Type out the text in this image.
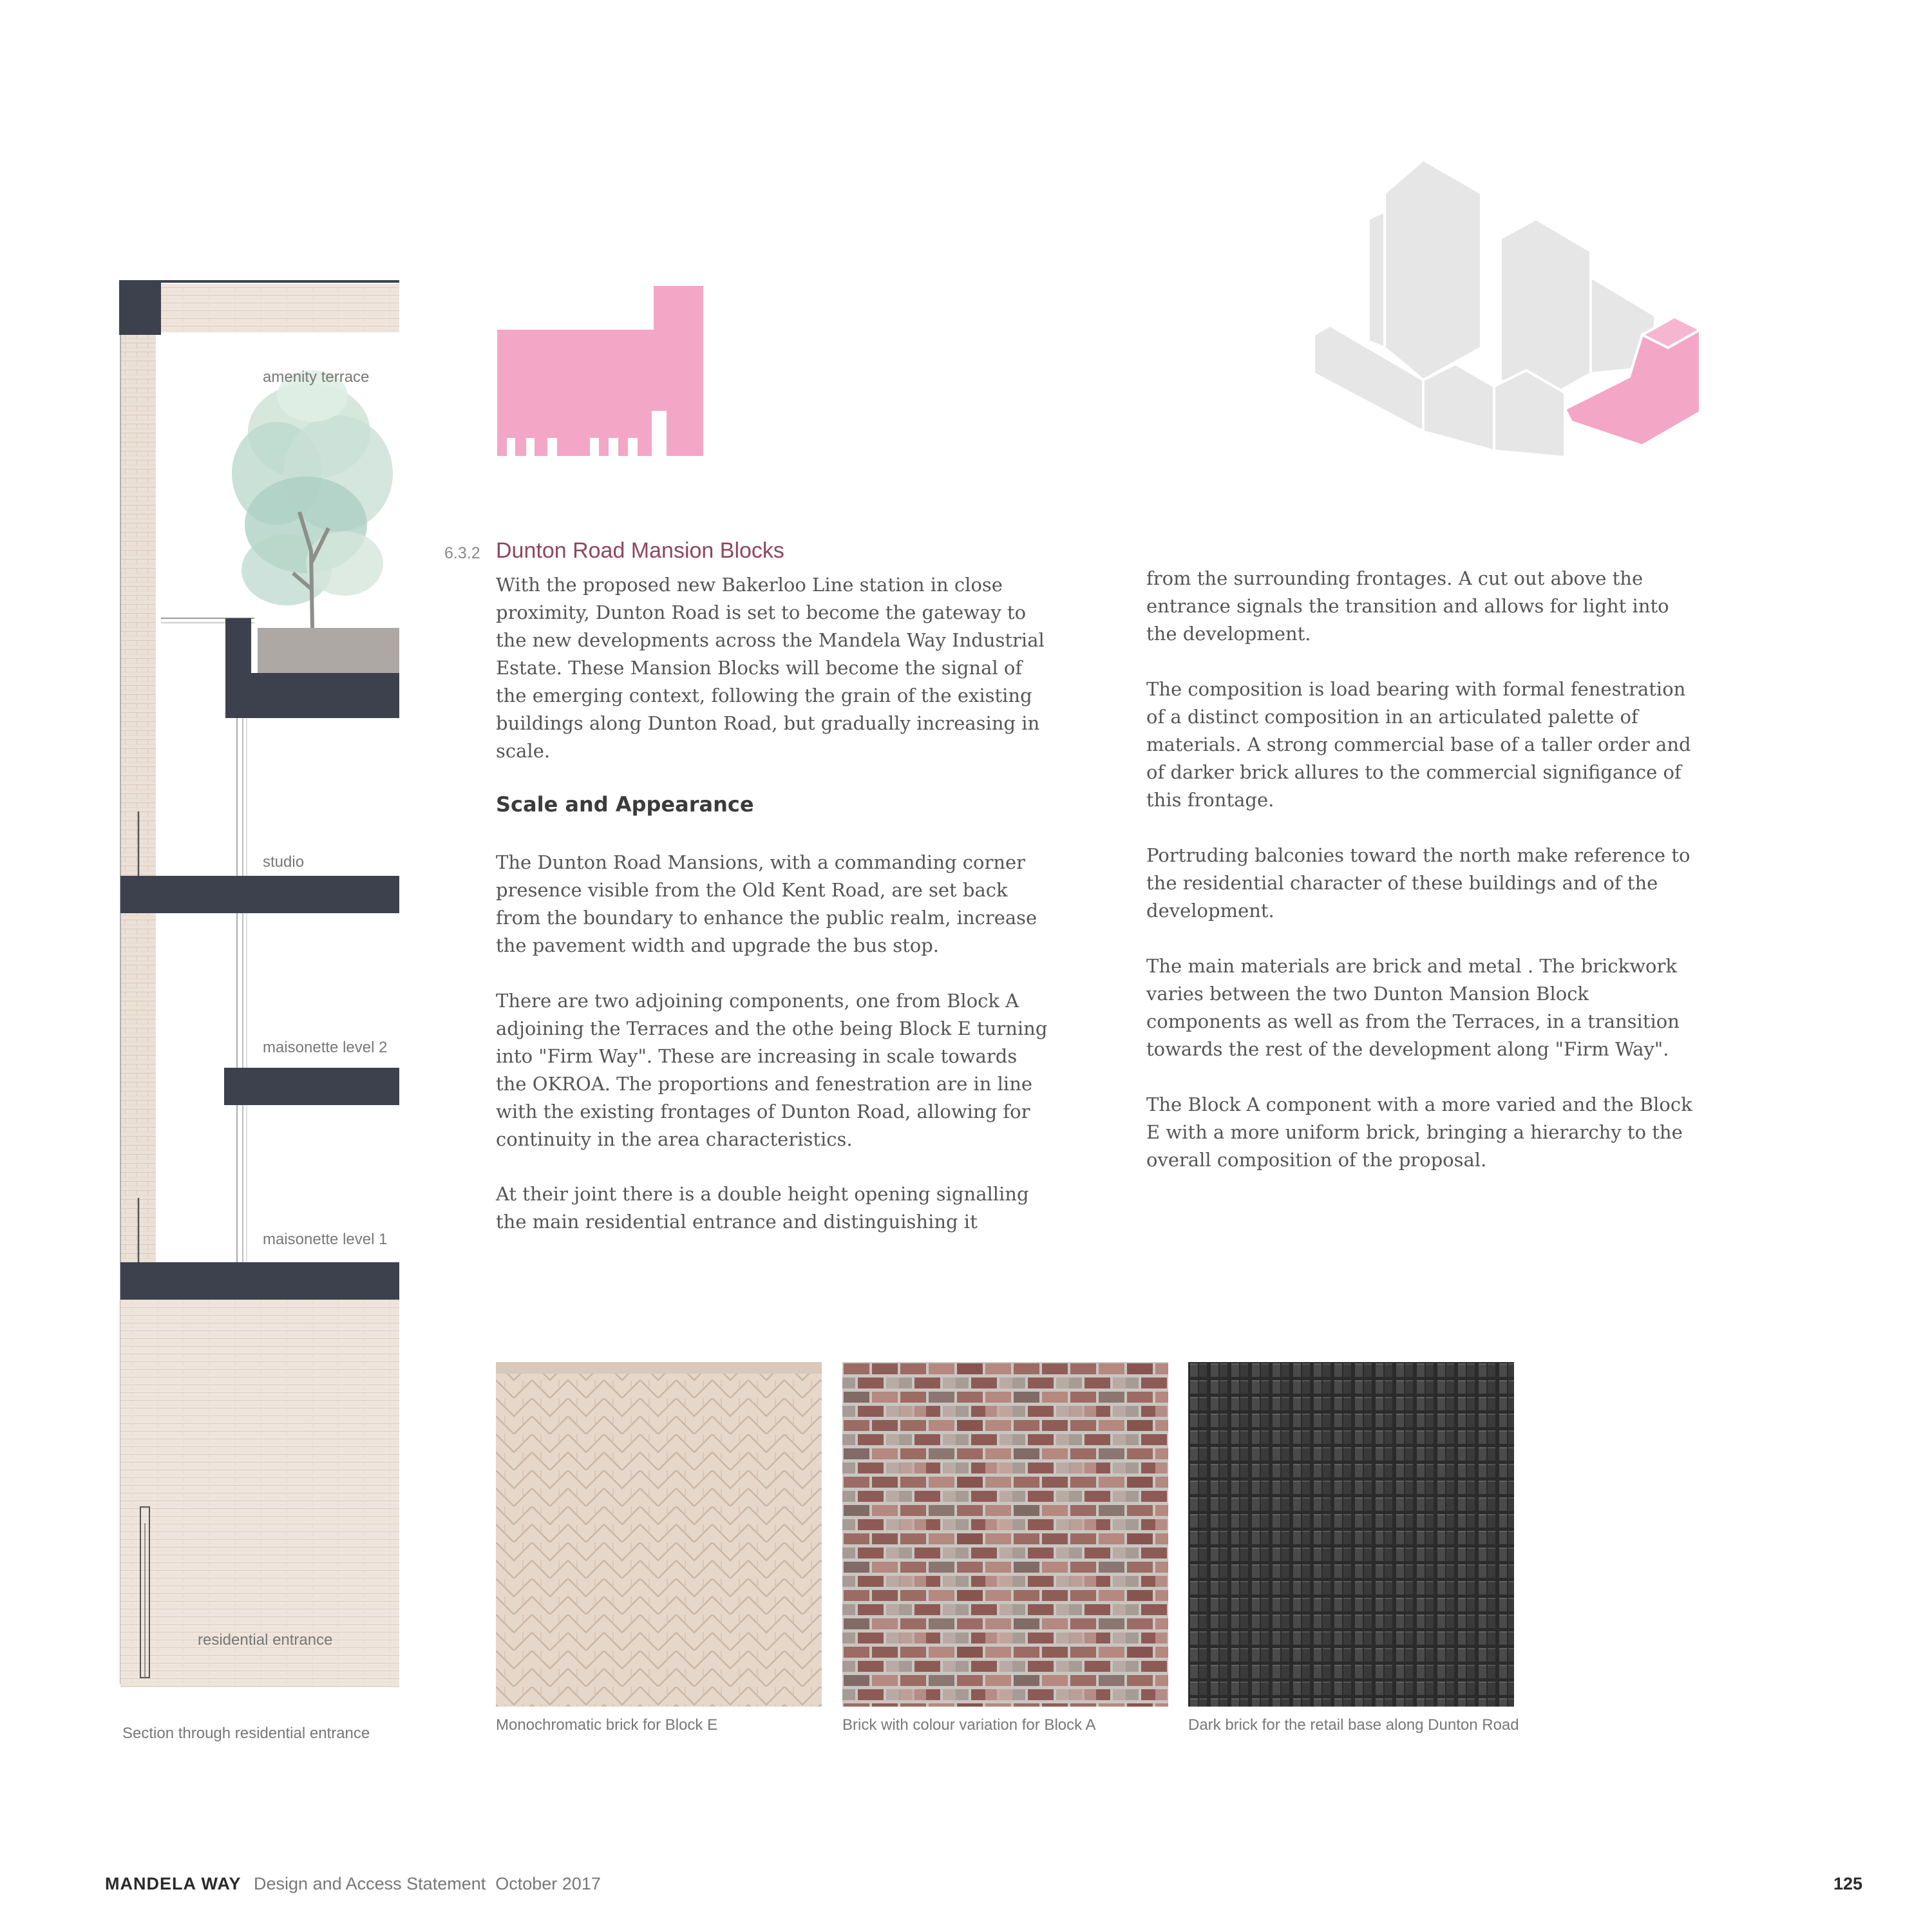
amenity terrace
studio
maisonette level 2
maisonette level 1
residential entrance
Section through residential entrance
6.3.2 Dunton Road Mansion Blocks

With the proposed new Bakerloo Line station in close proximity, Dunton Road is set to become the gateway to the new developments across the Mandela Way Industrial Estate. These Mansion Blocks will become the signal of the emerging context, following the grain of the existing buildings along Dunton Road, but gradually increasing in scale.

Scale and Appearance

The Dunton Road Mansions, with a commanding corner presence visible from the Old Kent Road, are set back from the boundary to enhance the public realm, increase the pavement width and upgrade the bus stop.

There are two adjoining components, one from Block A adjoining the Terraces and the othe being Block E turning into "Firm Way". These are increasing in scale towards the OKROA. The proportions and fenestration are in line with the existing frontages of Dunton Road, allowing for continuity in the area characteristics.

At their joint there is a double height opening signalling the main residential entrance and distinguishing it

from the surrounding frontages. A cut out above the entrance signals the transition and allows for light into the development.

The composition is load bearing with formal fenestration of a distinct composition in an articulated palette of materials. A strong commercial base of a taller order and of darker brick allures to the commercial signifigance of this frontage.

Portruding balconies toward the north make reference to the residential character of these buildings and of the development.

The main materials are brick and metal . The brickwork varies between the two Dunton Mansion Block components as well as from the Terraces, in a transition towards the rest of the development along "Firm Way".

The Block A component with a more varied and the Block E with a more uniform brick, bringing a hierarchy to the overall composition of the proposal.

Monochromatic brick for Block E	Brick with colour variation for Block A	Dark brick for the retail base along Dunton Road
MANDELA WAY Design and Access Statement  October 2017	125
